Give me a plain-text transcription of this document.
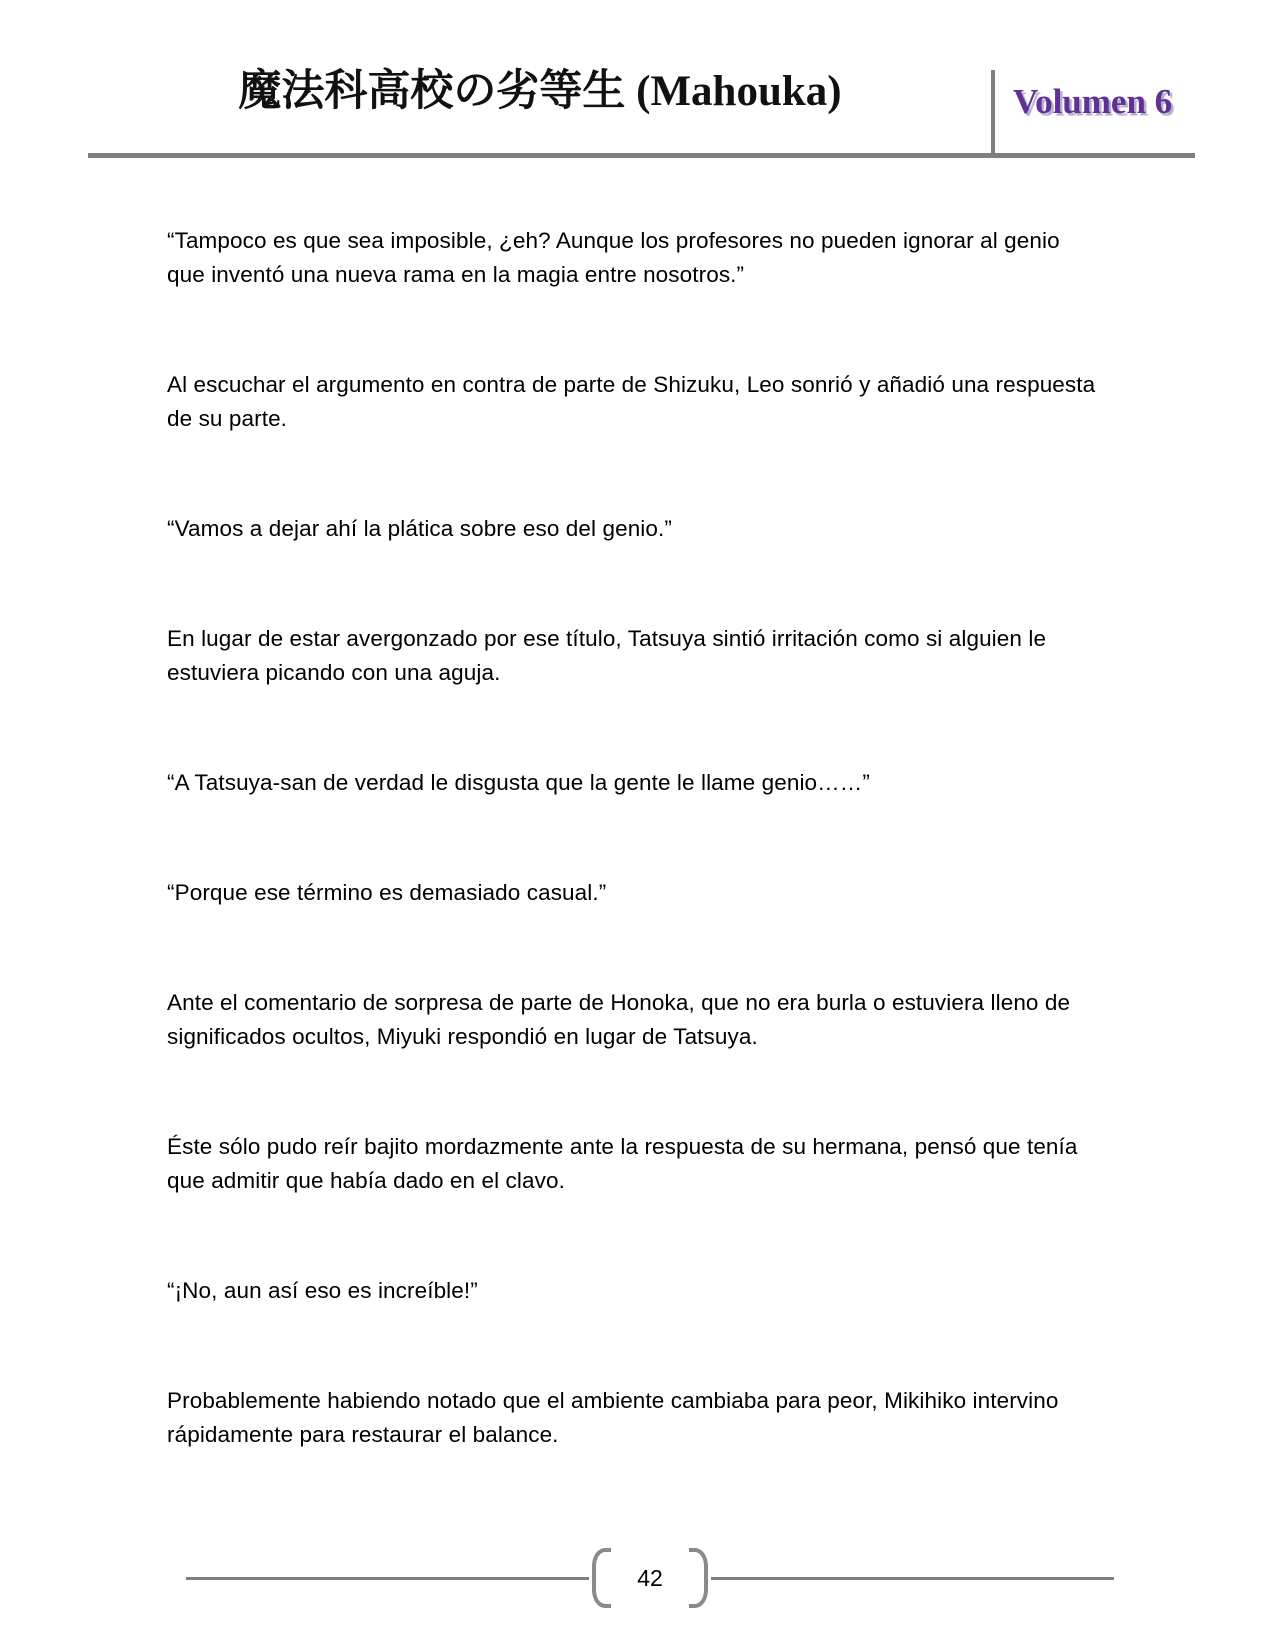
魔法科高校の劣等生 (Mahouka)	Volumen 6

“Tampoco es que sea imposible, ¿eh? Aunque los profesores no pueden ignorar al genio que inventó una nueva rama en la magia entre nosotros.”

Al escuchar el argumento en contra de parte de Shizuku, Leo sonrió y añadió una respuesta de su parte.

“Vamos a dejar ahí la plática sobre eso del genio.”

En lugar de estar avergonzado por ese título, Tatsuya sintió irritación como si alguien le estuviera picando con una aguja.

“A Tatsuya-san de verdad le disgusta que la gente le llame genio……”

“Porque ese término es demasiado casual.”

Ante el comentario de sorpresa de parte de Honoka, que no era burla o estuviera lleno de significados ocultos, Miyuki respondió en lugar de Tatsuya.

Éste sólo pudo reír bajito mordazmente ante la respuesta de su hermana, pensó que tenía que admitir que había dado en el clavo.

“¡No, aun así eso es increíble!”

Probablemente habiendo notado que el ambiente cambiaba para peor, Mikihiko intervino rápidamente para restaurar el balance.

42
